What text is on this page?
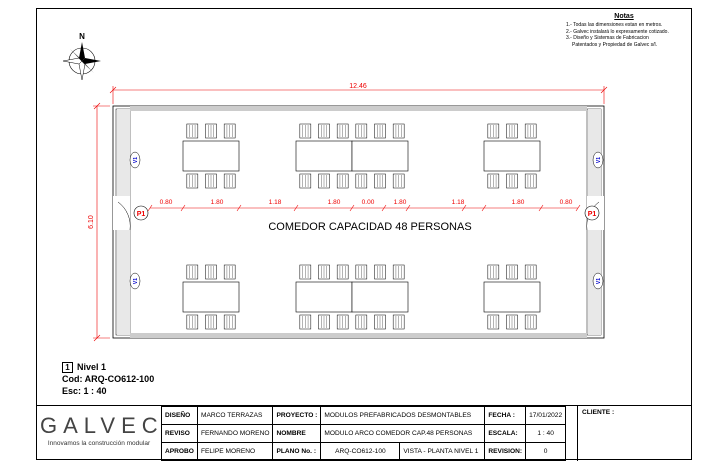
Notas
1.- Todas las dimensiones estan en metros.
2.- Galvec instalará lo expresamente cotizado.
3.- Diseño y Sistemas de Fabricacion
Patentados y Propiedad de Galvec s/l.
N
12.46
6.10
P1	P1
V1
V1
V1
V1
0.80	1.80	1.18	1.80	0.00	1.80	1.18	1.80	0.80
COMEDOR CAPACIDAD 48 PERSONAS
1 Nivel 1
Cod: ARQ-CO612-100
Esc: 1 : 40
GALVEC
Innovamos la construcción modular
DISEÑO	MARCO TERRAZAS	PROYECTO :	MODULOS PREFABRICADOS DESMONTABLES		FECHA :	17/01/2022
REVISO	FERNANDO MORENO	NOMBRE	MODULO ARCO COMEDOR CAP.48 PERSONAS		ESCALA:	1 : 40
APROBO	FELIPE MORENO	PLANO No. :	ARQ-CO612-100	VISTA - PLANTA NIVEL 1	REVISION:	0
CLIENTE :
